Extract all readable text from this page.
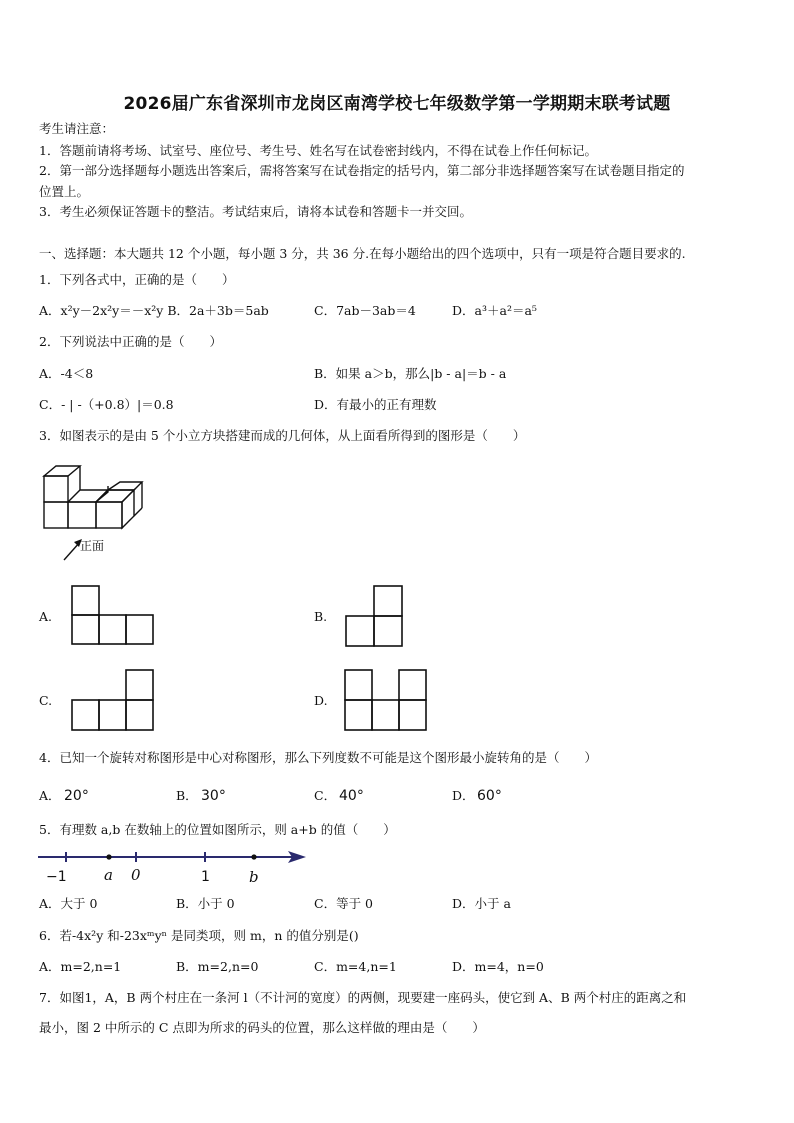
2026届广东省深圳市龙岗区南湾学校七年级数学第一学期期末联考试题
考生请注意：
1．答题前请将考场、试室号、座位号、考生号、姓名写在试卷密封线内，不得在试卷上作任何标记。
2．第一部分选择题每小题选出答案后，需将答案写在试卷指定的括号内，第二部分非选择题答案写在试卷题目指定的
位置上。
3．考生必须保证答题卡的整洁。考试结束后，请将本试卷和答题卡一并交回。
一、选择题：本大题共 12 个小题，每小题 3 分，共 36 分.在每小题给出的四个选项中，只有一项是符合题目要求的.
1．下列各式中，正确的是（　　）
A．x²y－2x²y＝－x²y B．2a＋3b＝5ab	C．7ab－3ab＝4	D．a³＋a²＝a⁵
2．下列说法中正确的是（　　）
A．-4＜8	B．如果 a＞b，那么|b - a|＝b - a
C．- | -（+0.8）|＝0.8	D．有最小的正有理数
3．如图表示的是由 5 个小立方块搭建而成的几何体，从上面看所得到的图形是（　　）
正面
A.	B.
C.	D.
4．已知一个旋转对称图形是中心对称图形，那么下列度数不可能是这个图形最小旋转角的是（　　）
A． 20°	B． 30°	C． 40°	D． 60°
5．有理数 a,b 在数轴上的位置如图所示，则 a+b 的值（　　）
−1 a 0	1	b
A．大于 0	B．小于 0	C．等于 0	D．小于 a
6．若-4x²y 和-23xᵐyⁿ 是同类项，则 m，n 的值分别是()
A．m=2,n=1	B．m=2,n=0	C．m=4,n=1	D．m=4，n=0
7．如图1，A，B 两个村庄在一条河 l（不计河的宽度）的两侧，现要建一座码头，使它到 A、B 两个村庄的距离之和
最小，图 2 中所示的 C 点即为所求的码头的位置，那么这样做的理由是（　　）
